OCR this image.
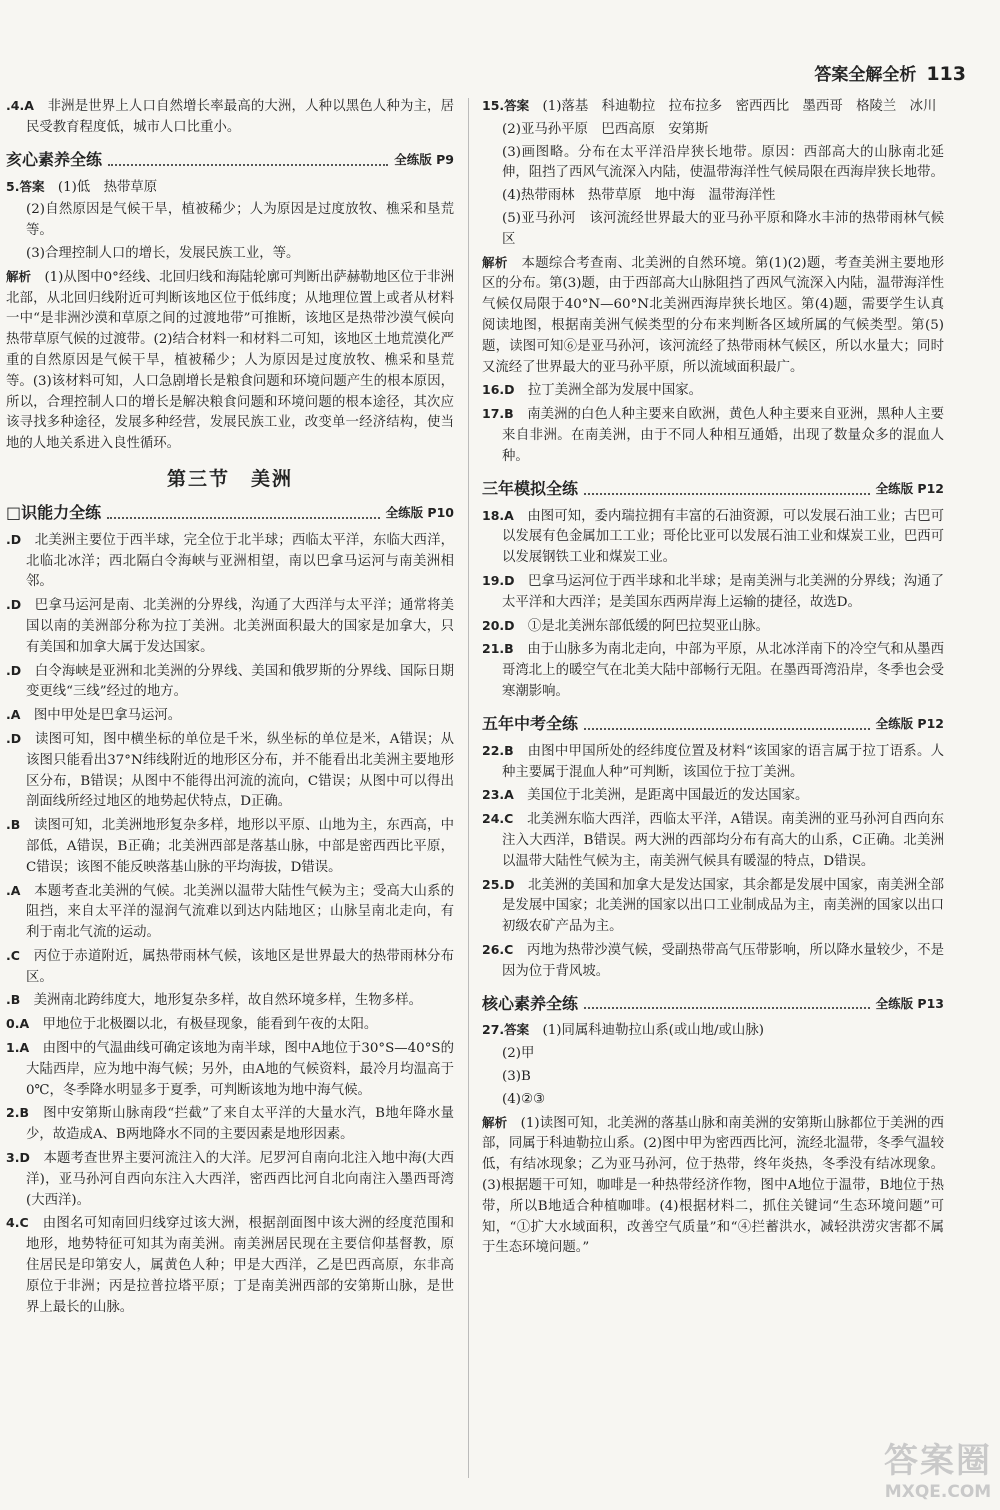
答案全解全析 113
.4.A　 非洲是世界上人口自然增长率最高的大洲，人种以黑色人种为主，居民受教育程度低，城市人口比重小。
亥心素养全练	全练版 P9
5.答案　 (1)低　热带草原
(2)自然原因是气候干旱，植被稀少；人为原因是过度放牧、樵采和垦荒等。
(3)合理控制人口的增长，发展民族工业，等。
解析　 (1)从图中0°经线、北回归线和海陆轮廓可判断出萨赫勒地区位于非洲北部，从北回归线附近可判断该地区位于低纬度；从地理位置上或者从材料一中“是非洲沙漠和草原之间的过渡地带”可推断，该地区是热带沙漠气候向热带草原气候的过渡带。(2)结合材料一和材料二可知，该地区土地荒漠化严重的自然原因是气候干旱，植被稀少；人为原因是过度放牧、樵采和垦荒等。(3)该材料可知，人口急剧增长是粮食问题和环境问题产生的根本原因，所以，合理控制人口的增长是解决粮食问题和环境问题的根本途径，其次应该寻找多种途径，发展多种经营，发展民族工业，改变单一经济结构，使当地的人地关系进入良性循环。
第三节　美洲
□识能力全练	全练版 P10
.D　 北美洲主要位于西半球，完全位于北半球；西临太平洋，东临大西洋，北临北冰洋；西北隔白令海峡与亚洲相望，南以巴拿马运河与南美洲相邻。
.D　 巴拿马运河是南、北美洲的分界线，沟通了大西洋与太平洋；通常将美国以南的美洲部分称为拉丁美洲。北美洲面积最大的国家是加拿大，只有美国和加拿大属于发达国家。
.D　 白令海峡是亚洲和北美洲的分界线、美国和俄罗斯的分界线、国际日期变更线“三线”经过的地方。
.A　 图中甲处是巴拿马运河。
.D　 读图可知，图中横坐标的单位是千米，纵坐标的单位是米，A错误；从该图只能看出37°N纬线附近的地形区分布，并不能看出北美洲主要地形区分布，B错误；从图中不能得出河流的流向，C错误；从图中可以得出剖面线所经过地区的地势起伏特点，D正确。
.B　 读图可知，北美洲地形复杂多样，地形以平原、山地为主，东西高，中部低，A错误，B正确；北美洲西部是落基山脉，中部是密西西比平原，C错误；该图不能反映落基山脉的平均海拔，D错误。
.A　 本题考查北美洲的气候。北美洲以温带大陆性气候为主；受高大山系的阻挡，来自太平洋的湿润气流难以到达内陆地区；山脉呈南北走向，有利于南北气流的运动。
.C　 丙位于赤道附近，属热带雨林气候，该地区是世界最大的热带雨林分布区。
.B　 美洲南北跨纬度大，地形复杂多样，故自然环境多样，生物多样。
0.A　 甲地位于北极圈以北，有极昼现象，能看到午夜的太阳。
1.A　 由图中的气温曲线可确定该地为南半球，图中A地位于30°S—40°S的大陆西岸，应为地中海气候；另外，由A地的气候资料，最冷月均温高于0℃，冬季降水明显多于夏季，可判断该地为地中海气候。
2.B　 图中安第斯山脉南段“拦截”了来自太平洋的大量水汽，B地年降水量少，故造成A、B两地降水不同的主要因素是地形因素。
3.D　 本题考查世界主要河流注入的大洋。尼罗河自南向北注入地中海(大西洋)，亚马孙河自西向东注入大西洋，密西西比河自北向南注入墨西哥湾(大西洋)。
4.C　 由图名可知南回归线穿过该大洲，根据剖面图中该大洲的经度范围和地形，地势特征可知其为南美洲。南美洲居民现在主要信仰基督教，原住居民是印第安人，属黄色人种；甲是大西洋，乙是巴西高原，东非高原位于非洲；丙是拉普拉塔平原；丁是南美洲西部的安第斯山脉，是世界上最长的山脉。
15.答案　 (1)落基　科迪勒拉　拉布拉多　密西西比　墨西哥　格陵兰　冰川
(2)亚马孙平原　巴西高原　安第斯
(3)画图略。分布在太平洋沿岸狭长地带。原因：西部高大的山脉南北延伸，阻挡了西风气流深入内陆，使温带海洋性气候局限在西海岸狭长地带。
(4)热带雨林　热带草原　地中海　温带海洋性
(5)亚马孙河　该河流经世界最大的亚马孙平原和降水丰沛的热带雨林气候区
解析　 本题综合考查南、北美洲的自然环境。第(1)(2)题，考查美洲主要地形区的分布。第(3)题，由于西部高大山脉阻挡了西风气流深入内陆，温带海洋性气候仅局限于40°N—60°N北美洲西海岸狭长地区。第(4)题，需要学生认真阅读地图，根据南美洲气候类型的分布来判断各区域所属的气候类型。第(5)题，读图可知⑥是亚马孙河，该河流经了热带雨林气候区，所以水量大；同时又流经了世界最大的亚马孙平原，所以流域面积最广。
16.D　 拉丁美洲全部为发展中国家。
17.B　 南美洲的白色人种主要来自欧洲，黄色人种主要来自亚洲，黑种人主要来自非洲。在南美洲，由于不同人种相互通婚，出现了数量众多的混血人种。
三年模拟全练	全练版 P12
18.A　 由图可知，委内瑞拉拥有丰富的石油资源，可以发展石油工业；古巴可以发展有色金属加工工业；哥伦比亚可以发展石油工业和煤炭工业，巴西可以发展钢铁工业和煤炭工业。
19.D　 巴拿马运河位于西半球和北半球；是南美洲与北美洲的分界线；沟通了太平洋和大西洋；是美国东西两岸海上运输的捷径，故选D。
20.D　 ①是北美洲东部低缓的阿巴拉契亚山脉。
21.B　 由于山脉多为南北走向，中部为平原，从北冰洋南下的冷空气和从墨西哥湾北上的暖空气在北美大陆中部畅行无阻。在墨西哥湾沿岸，冬季也会受寒潮影响。
五年中考全练	全练版 P12
22.B　 由图中甲国所处的经纬度位置及材料“该国家的语言属于拉丁语系。人种主要属于混血人种”可判断，该国位于拉丁美洲。
23.A　 美国位于北美洲，是距离中国最近的发达国家。
24.C　 北美洲东临大西洋，西临太平洋，A错误。南美洲的亚马孙河自西向东注入大西洋，B错误。两大洲的西部均分布有高大的山系，C正确。北美洲以温带大陆性气候为主，南美洲气候具有暖湿的特点，D错误。
25.D　 北美洲的美国和加拿大是发达国家，其余都是发展中国家，南美洲全部是发展中国家；北美洲的国家以出口工业制成品为主，南美洲的国家以出口初级农矿产品为主。
26.C　 丙地为热带沙漠气候，受副热带高气压带影响，所以降水量较少，不是因为位于背风坡。
核心素养全练	全练版 P13
27.答案　 (1)同属科迪勒拉山系(或山地/或山脉)
(2)甲
(3)B
(4)②③
解析　 (1)读图可知，北美洲的落基山脉和南美洲的安第斯山脉都位于美洲的西部，同属于科迪勒拉山系。(2)图中甲为密西西比河，流经北温带，冬季气温较低，有结冰现象；乙为亚马孙河，位于热带，终年炎热，冬季没有结冰现象。(3)根据题干可知，咖啡是一种热带经济作物，图中A地位于温带，B地位于热带，所以B地适合种植咖啡。(4)根据材料二，抓住关键词“生态环境问题”可知，“①扩大水域面积，改善空气质量”和“④拦蓄洪水，减轻洪涝灾害都不属于生态环境问题。”
答案圈
MXQE.COM
